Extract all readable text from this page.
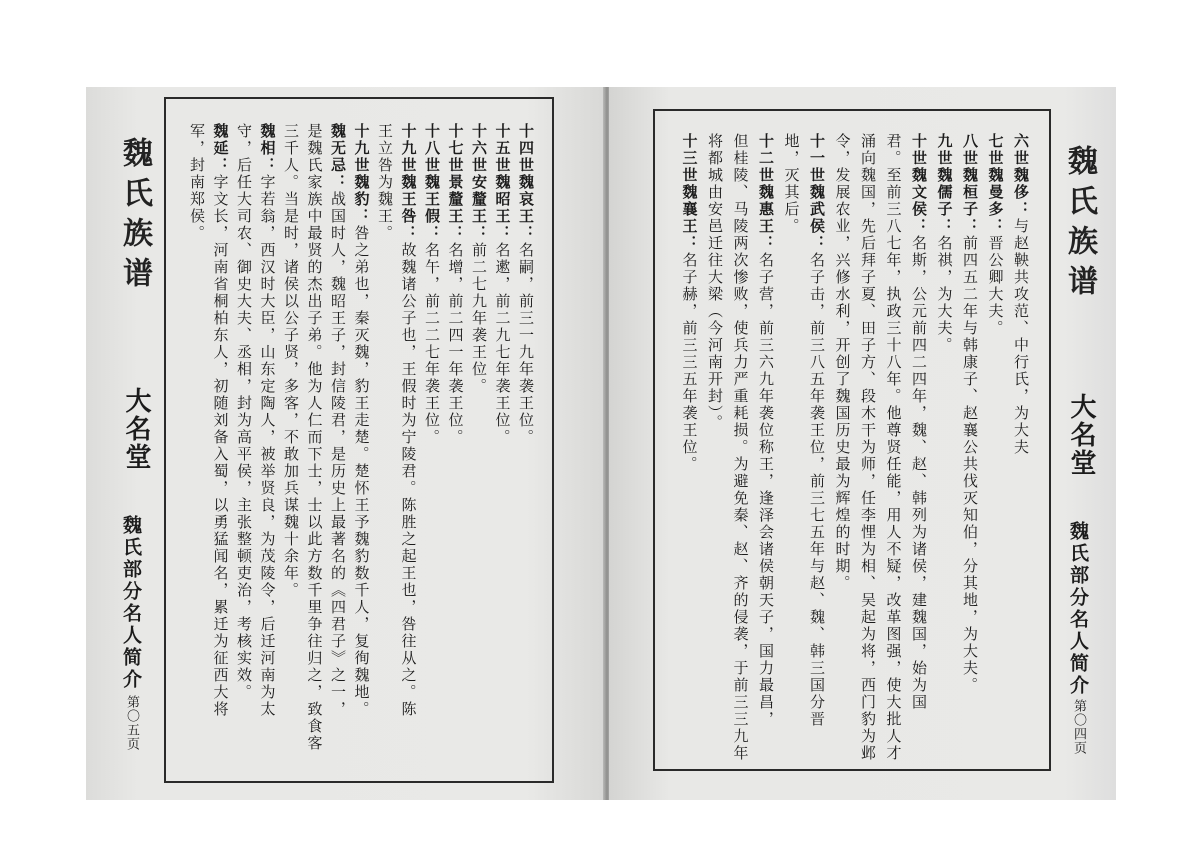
魏氏族谱
大名堂
魏氏部分名人简介
第〇五页
十四世魏哀王：名嗣，前三一九年袭王位。
十五世魏昭王：名遬，前二九七年袭王位。
十六世安釐王：前二七九年袭王位。
十七世景釐王：名增，前二四一年袭王位。
十八世魏王假：名午，前二二七年袭王位。
十九世魏王咎：故魏诸公子也，王假时为宁陵君。陈胜之起王也，咎往从之。陈
王立咎为魏王。
十九世魏豹：咎之弟也，秦灭魏，豹王走楚。楚怀王予魏豹数千人，复徇魏地。
魏无忌：战国时人，魏昭王子，封信陵君，是历史上最著名的《四君子》之一，
是魏氏家族中最贤的杰出子弟。他为人仁而下士，士以此方数千里争往归之，致食客
三千人。当是时，诸侯以公子贤，多客，不敢加兵谋魏十余年。
魏相：字若翁，西汉时大臣，山东定陶人，被举贤良，为茂陵令，后迁河南为太
守，后任大司农、御史大夫、丞相，封为高平侯，主张整顿吏治，考核实效。
魏延：字文长，河南省桐柏东人，初随刘备入蜀，以勇猛闻名，累迁为征西大将
军，封南郑侯。	魏氏族谱
大名堂
魏氏部分名人简介
第〇四页
六世魏侈：与赵鞅共攻范、中行氏，为大夫
七世魏曼多：晋公卿大夫。
八世魏桓子：前四五二年与韩康子、赵襄公共伐灭知伯，分其地，为大夫。
九世魏儒子：名祺，为大夫。
十世魏文侯：名斯，公元前四二四年，魏、赵、韩列为诸侯，建魏国，始为国
君。至前三八七年，执政三十八年。他尊贤任能，用人不疑，改革图强，使大批人才
涌向魏国，先后拜子夏、田子方、段木干为师，任李悝为相、吴起为将，西门豹为邺
令，发展农业，兴修水利，开创了魏国历史最为辉煌的时期。
十一世魏武侯：名子击，前三八五年袭王位，前三七五年与赵、魏、韩三国分晋
地，灭其后。
十二世魏惠王：名子营，前三六九年袭位称王，逢泽会诸侯朝天子，国力最昌，
但桂陵、马陵两次惨败，使兵力严重耗损。为避免秦、赵、齐的侵袭，于前三三九年
将都城由安邑迁往大梁（今河南开封）。
十三世魏襄王：名子赫，前三三五年袭王位。
